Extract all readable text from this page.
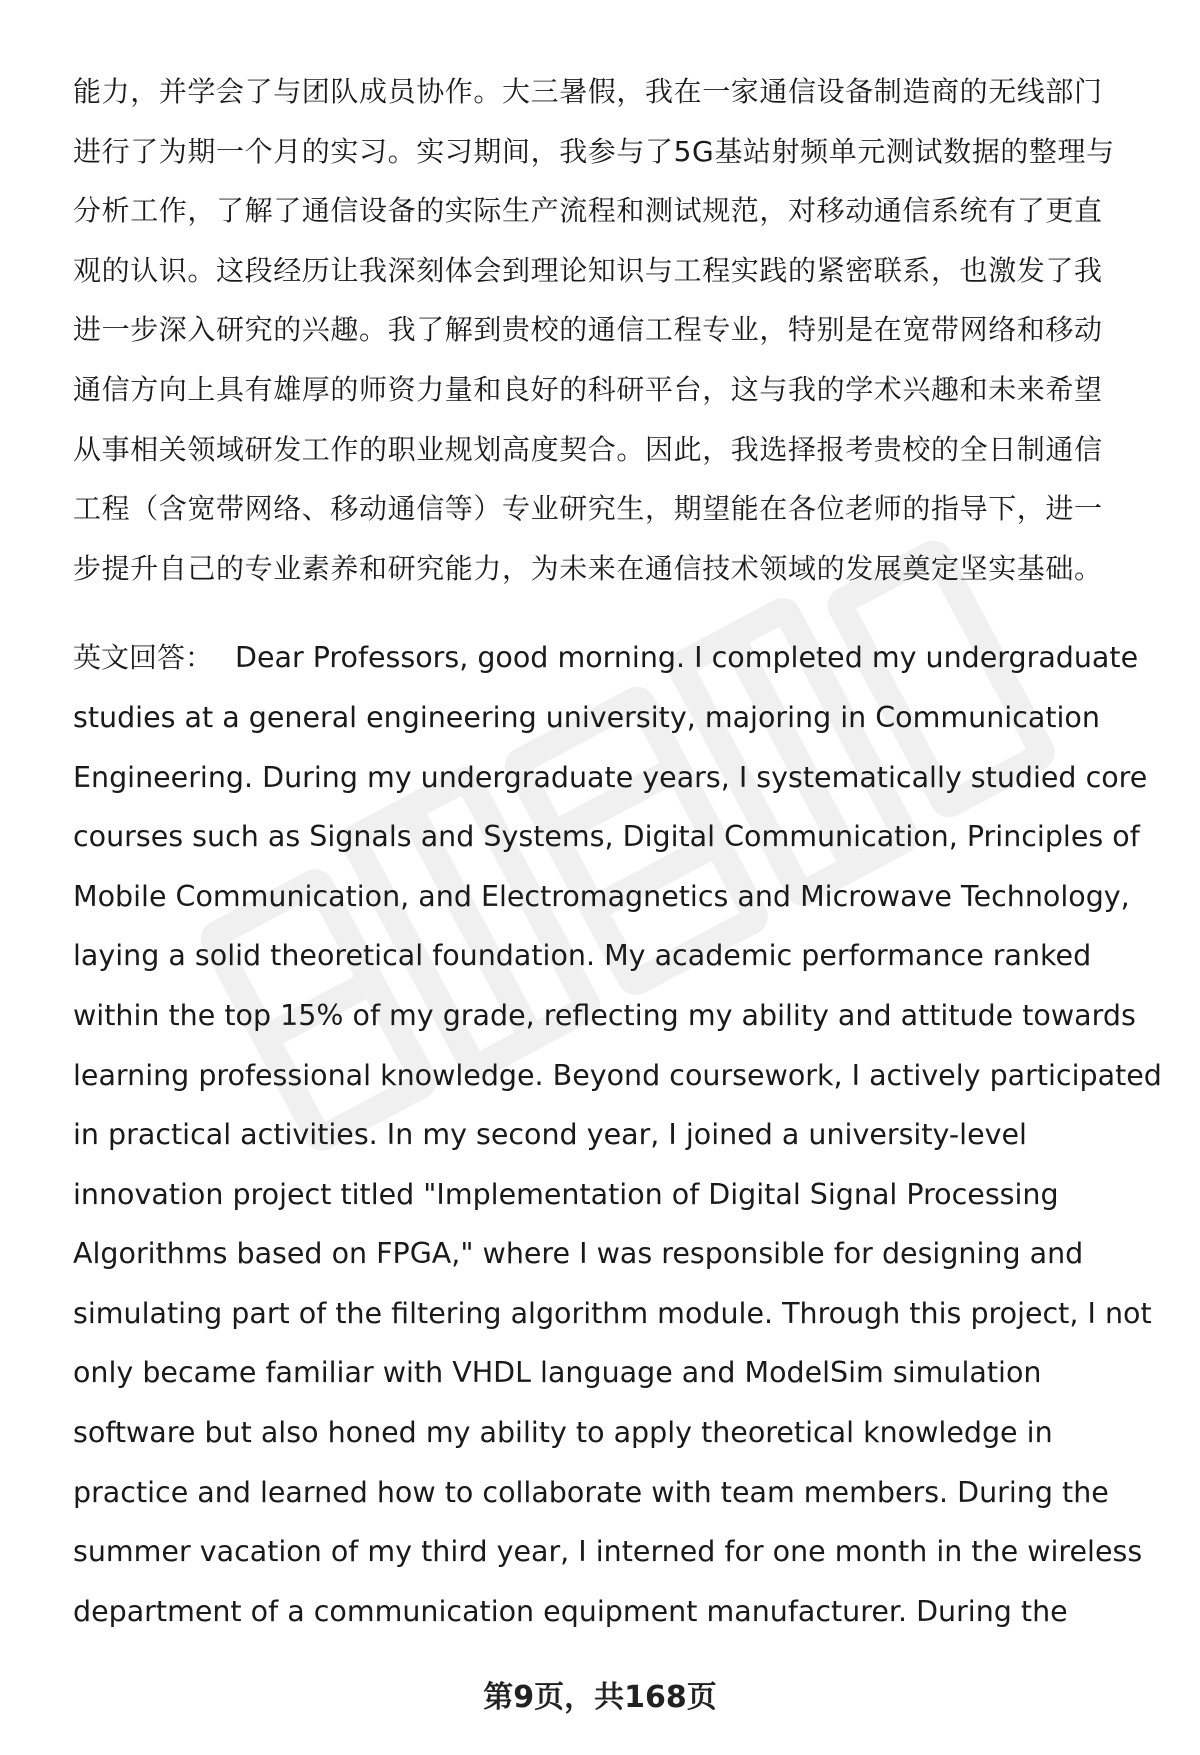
能力，并学会了与团队成员协作。大三暑假，我在一家通信设备制造商的无线部门
进行了为期一个月的实习。实习期间，我参与了5G基站射频单元测试数据的整理与
分析工作，了解了通信设备的实际生产流程和测试规范，对移动通信系统有了更直
观的认识。这段经历让我深刻体会到理论知识与工程实践的紧密联系，也激发了我
进一步深入研究的兴趣。我了解到贵校的通信工程专业，特别是在宽带网络和移动
通信方向上具有雄厚的师资力量和良好的科研平台，这与我的学术兴趣和未来希望
从事相关领域研发工作的职业规划高度契合。因此，我选择报考贵校的全日制通信
工程（含宽带网络、移动通信等）专业研究生，期望能在各位老师的指导下，进一
步提升自己的专业素养和研究能力，为未来在通信技术领域的发展奠定坚实基础。
英文回答： Dear Professors, good morning. I completed my undergraduate
studies at a general engineering university, majoring in Communication
Engineering. During my undergraduate years, I systematically studied core
courses such as Signals and Systems, Digital Communication, Principles of
Mobile Communication, and Electromagnetics and Microwave Technology,
laying a solid theoretical foundation. My academic performance ranked
within the top 15% of my grade, reflecting my ability and attitude towards
learning professional knowledge. Beyond coursework, I actively participated
in practical activities. In my second year, I joined a university-level
innovation project titled "Implementation of Digital Signal Processing
Algorithms based on FPGA," where I was responsible for designing and
simulating part of the filtering algorithm module. Through this project, I not
only became familiar with VHDL language and ModelSim simulation
software but also honed my ability to apply theoretical knowledge in
practice and learned how to collaborate with team members. During the
summer vacation of my third year, I interned for one month in the wireless
department of a communication equipment manufacturer. During the
第9页，共168页
